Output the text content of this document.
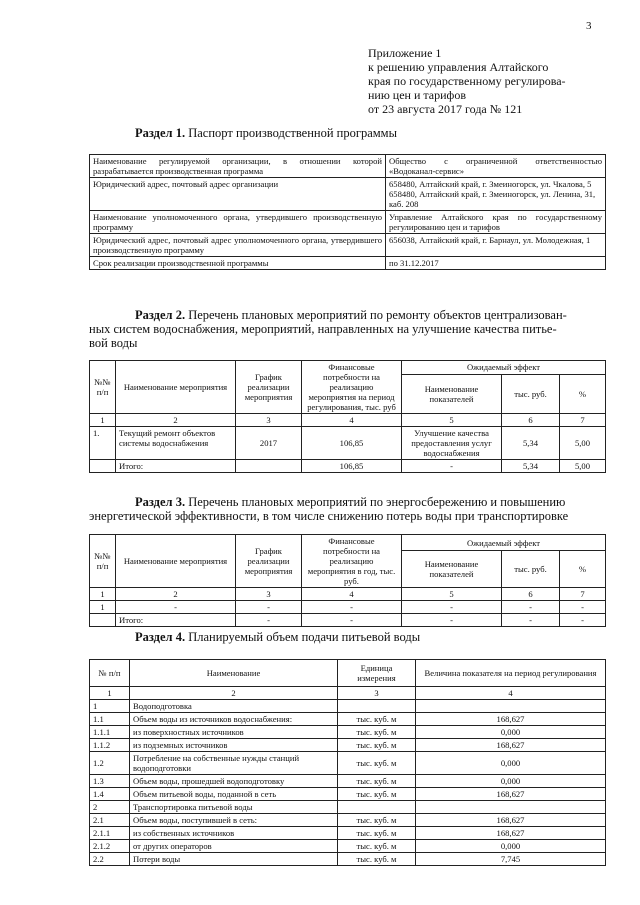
3
Приложение 1
к решению управления Алтайского
края по государственному регулирова-
нию цен и тарифов
от 23 августа 2017 года № 121
Раздел 1. Паспорт производственной программы
Наименование регулируемой организации, в отношении которой разрабатывается производственная программа	Общество с ограниченной ответственностью «Водоканал-сервис»
Юридический адрес, почтовый адрес организации	658480, Алтайский край, г. Змеиногорск, ул. Чкалова, 5
658480, Алтайский край, г. Змеиногорск, ул. Ленина, 31, каб. 208
Наименование уполномоченного органа, утвердившего производственную программу	Управление Алтайского края по государственному регулированию цен и тарифов
Юридический адрес, почтовый адрес уполномоченного органа, утвердившего производственную программу	656038, Алтайский край, г. Барнаул, ул. Молодежная, 1
Срок реализации производственной программы	по 31.12.2017
Раздел 2. Перечень плановых мероприятий по ремонту объектов централизован-
ных систем водоснабжения, мероприятий, направленных на улучшение качества питье-
вой воды
№№ п/п	Наименование мероприятия	График реализации мероприятия	Финансовые потребности на реализацию мероприятия на период регулирования, тыс. руб	Ожидаемый эффект		
				Наименование показателей	тыс. руб.	%
1	2	3	4	5	6	7
1.	Текущий ремонт объектов системы водоснабжения	2017	106,85	Улучшение качества предоставления услуг водоснабжения	5,34	5,00
	Итого:		106,85	-	5,34	5,00
Раздел 3. Перечень плановых мероприятий по энергосбережению и повышению
энергетической эффективности, в том числе снижению потерь воды при транспортировке
№№ п/п	Наименование мероприятия	График реализации мероприятия	Финансовые потребности на реализацию мероприятия в год, тыс. руб.	Ожидаемый эффект		
				Наименование показателей	тыс. руб.	%
1	2	3	4	5	6	7
1	-	-	-	-	-	-
	Итого:	-	-	-	-	-
Раздел 4. Планируемый объем подачи питьевой воды
№ п/п	Наименование	Единица измерения	Величина показателя на период регулирования
1	2	3	4
1	Водоподготовка		
1.1	Объем воды из источников водоснабжения:	тыс. куб. м	168,627
1.1.1	из поверхностных источников	тыс. куб. м	0,000
1.1.2	из подземных источников	тыс. куб. м	168,627
1.2	Потребление на собственные нужды станций водоподготовки	тыс. куб. м	0,000
1.3	Объем воды, прошедшей водоподготовку	тыс. куб. м	0,000
1.4	Объем питьевой воды, поданной в сеть	тыс. куб. м	168,627
2	Транспортировка питьевой воды		
2.1	Объем воды, поступившей в сеть:	тыс. куб. м	168,627
2.1.1	из собственных источников	тыс. куб. м	168,627
2.1.2	от других операторов	тыс. куб. м	0,000
2.2	Потери воды	тыс. куб. м	7,745
